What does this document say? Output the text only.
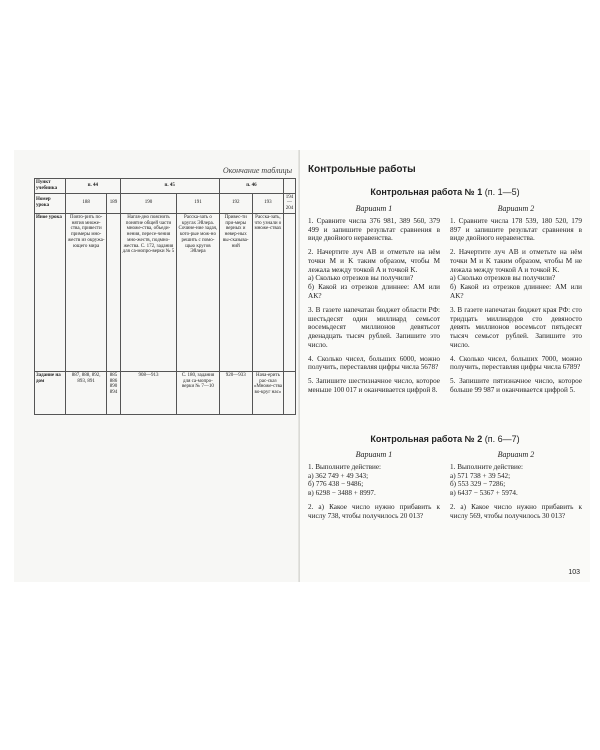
Окончание таблицы
Пункт учебника	п. 44		п. 45		п. 46		
Номер урока	188	189	190	191	192	193	194—204
Иное урока	Повто-рить по-нятия множе-ства, привести примеры мно-жеств из окружа-ющего мира		Нагля-дно пояснить понятие общей части множе-ства, объеди-нения, пересе-чения мно-жеств, подмно-жества. С. 172, задания для са-мопро-верки № 5	Расска-зать о кругах Эйлера. Сочине-ние задач, кото-рые мож-но решить с помо-щью кругов Эйлера	Привес-ти при-меры верных и невер-ных вы-сказыва-ний	Расска-зать, что узнали о множе-ствах	
Задание на дом	887, 888, 892, 893, 891	885 886 890 894	908—913	С. 180, задания для са-мопро-верки № 7—10	920—933	Нача-ерить рас-сказ «Множе-ства во-круг нас»	
Контрольные работы
Контрольная работа № 1 (п. 1—5)
Вариант 1

1. Сравните числа 376 981, 389 560, 379 499 и запишите результат сравнения в виде двойного неравенства.

2. Начертите луч AB и отметьте на нём точки M и K таким образом, чтобы M лежала между точкой A и точкой K.
а) Сколько отрезков вы получили?
б) Какой из отрезков длиннее: AM или AK?

3. В газете напечатан бюджет области РФ: шестьдесят один миллиард семьсот восемьдесят миллионов девятьсот двенадцать тысяч рублей. Запишите это число.

4. Сколько чисел, больших 6000, можно получить, переставляя цифры числа 5678?

5. Запишите шестизначное число, которое меньше 100 017 и оканчивается цифрой 8.

Вариант 2

1. Сравните числа 178 539, 180 520, 179 897 и запишите результат сравнения в виде двойного неравенства.

2. Начертите луч AB и отметьте на нём точки M и K таким образом, чтобы M не лежала между точкой A и точкой K.
а) Сколько отрезков вы получили?
б) Какой из отрезков длиннее: AM или AK?

3. В газете напечатан бюджет края РФ: сто тридцать миллиардов сто девяносто девять миллионов восемьсот пятьдесят тысяч семьсот рублей. Запишите это число.

4. Сколько чисел, больших 7000, можно получить, переставляя цифры числа 6789?

5. Запишите пятизначное число, которое больше 99 987 и оканчивается цифрой 5.

Контрольная работа № 2 (п. 6—7)
Вариант 1

1. Выполните действие:
а) 362 749 + 49 343;
б) 776 438 − 9486;
в) 6298 − 3488 + 8997.

2. а) Какое число нужно прибавить к числу 738, чтобы получилось 20 013?

Вариант 2

1. Выполните действие:
а) 571 738 + 39 542;
б) 553 329 − 7286;
в) 6437 − 5367 + 5974.

2. а) Какое число нужно прибавить к числу 569, чтобы получилось 30 013?

103
